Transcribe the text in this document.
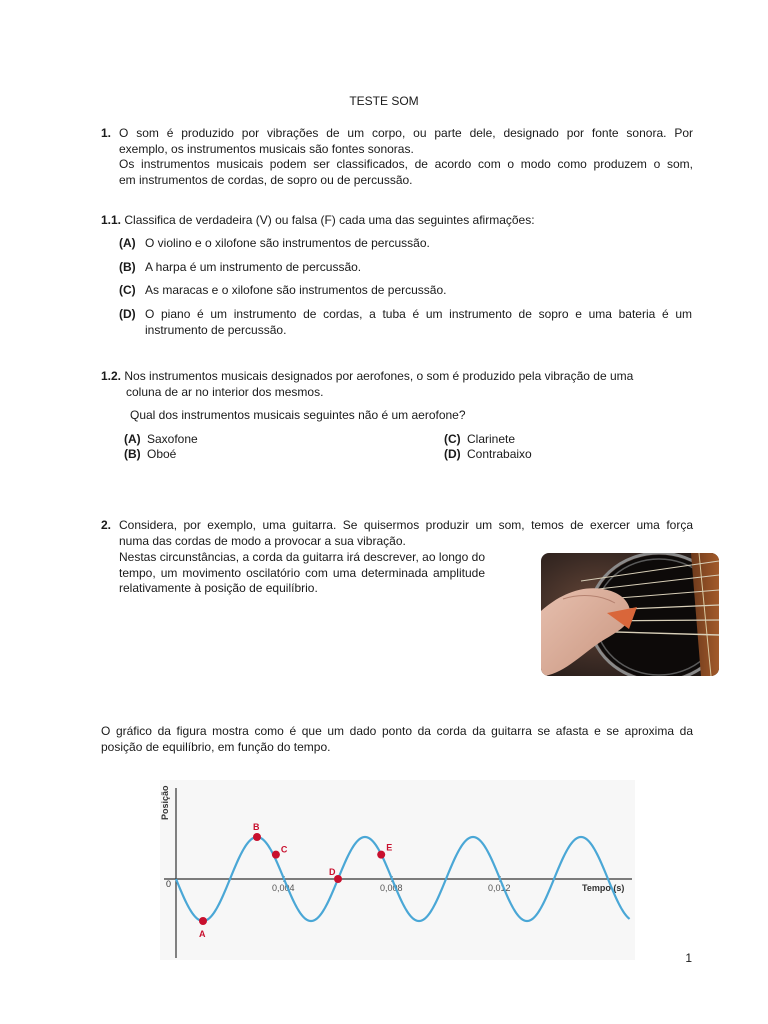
TESTE SOM
1. O som é produzido por vibrações de um corpo, ou parte dele, designado por fonte sonora. Por
exemplo, os instrumentos musicais são fontes sonoras.
Os instrumentos musicais podem ser classificados, de acordo com o modo como produzem o som,
em instrumentos de cordas, de sopro ou de percussão.
1.1. Classifica de verdadeira (V) ou falsa (F) cada uma das seguintes afirmações:
(A) O violino e o xilofone são instrumentos de percussão.
(B) A harpa é um instrumento de percussão.
(C) As maracas e o xilofone são instrumentos de percussão.
(D) O piano é um instrumento de cordas, a tuba é um instrumento de sopro e uma bateria é um
instrumento de percussão.
1.2. Nos instrumentos musicais designados por aerofones, o som é produzido pela vibração de uma
coluna de ar no interior dos mesmos.
Qual dos instrumentos musicais seguintes não é um aerofone?
(A) Saxofone
(B) Oboé
(C) Clarinete
(D) Contrabaixo
2. Considera, por exemplo, uma guitarra. Se quisermos produzir um som, temos de exercer uma força
numa das cordas de modo a provocar a sua vibração.
Nestas circunstâncias, a corda da guitarra irá descrever, ao longo do
tempo, um movimento oscilatório com uma determinada amplitude
relativamente à posição de equilíbrio.
O gráfico da figura mostra como é que um dado ponto da corda da guitarra se afasta e se aproxima da
posição de equilíbrio, em função do tempo.
Posição
Tempo (s)
0	0,004	0,008	0,012
A
B
C
D
E
1
